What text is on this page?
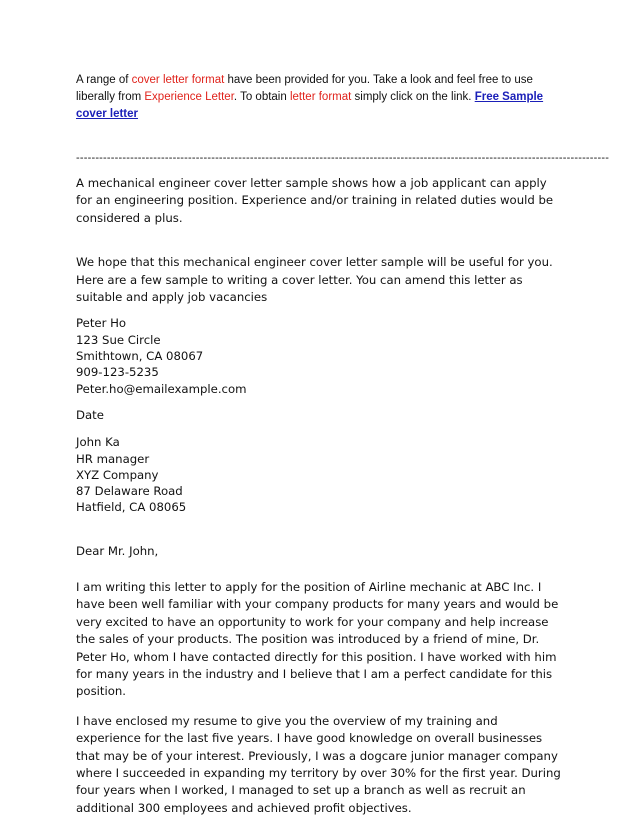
A range of cover letter format have been provided for you. Take a look and feel free to use liberally from Experience Letter. To obtain letter format simply click on the link. Free Sample cover letter

------------------------------------------------------------------------------------------------------------------------------------------

A mechanical engineer cover letter sample shows how a job applicant can apply for an engineering position. Experience and/or training in related duties would be considered a plus.

We hope that this mechanical engineer cover letter sample will be useful for you. Here are a few sample to writing a cover letter. You can amend this letter as suitable and apply job vacancies

Peter Ho
123 Sue Circle
Smithtown, CA 08067
909-123-5235
Peter.ho@emailexample.com

Date

John Ka
HR manager
XYZ Company
87 Delaware Road
Hatfield, CA 08065

Dear Mr. John,

I am writing this letter to apply for the position of Airline mechanic at ABC Inc. I have been well familiar with your company products for many years and would be very excited to have an opportunity to work for your company and help increase the sales of your products. The position was introduced by a friend of mine, Dr. Peter Ho, whom I have contacted directly for this position. I have worked with him for many years in the industry and I believe that I am a perfect candidate for this position.

I have enclosed my resume to give you the overview of my training and experience for the last five years. I have good knowledge on overall businesses that may be of your interest. Previously, I was a dogcare junior manager company where I succeeded in expanding my territory by over 30% for the first year. During four years when I worked, I managed to set up a branch as well as recruit an additional 300 employees and achieved profit objectives.
